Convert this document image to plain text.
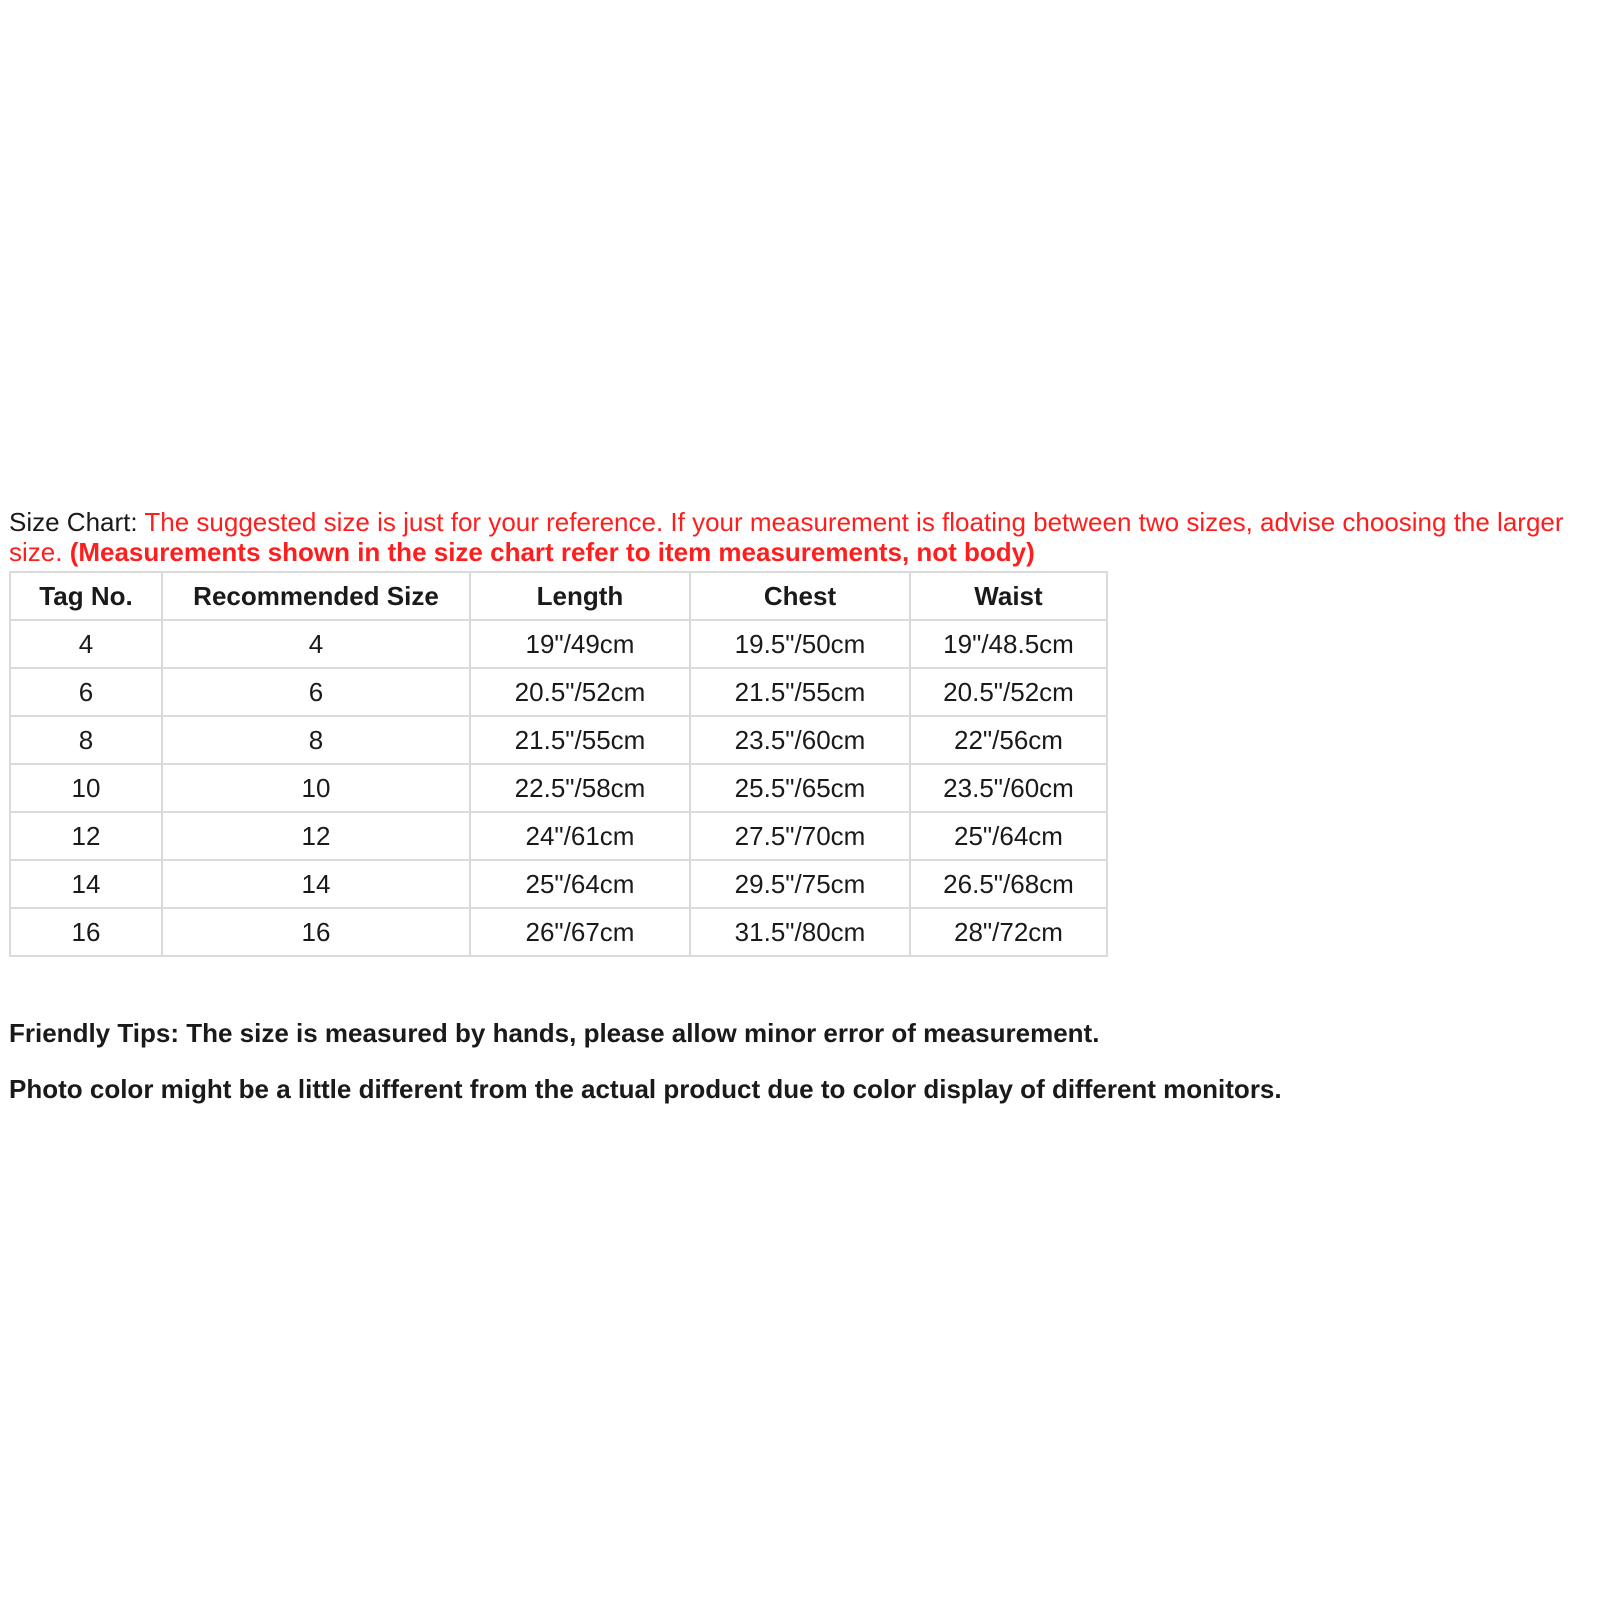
Size Chart: The suggested size is just for your reference. If your measurement is floating between two sizes, advise choosing the larger size. (Measurements shown in the size chart refer to item measurements, not body)

Tag No.	Recommended Size	Length	Chest	Waist
4	4	19"/49cm	19.5"/50cm	19"/48.5cm
6	6	20.5"/52cm	21.5"/55cm	20.5"/52cm
8	8	21.5"/55cm	23.5"/60cm	22"/56cm
10	10	22.5"/58cm	25.5"/65cm	23.5"/60cm
12	12	24"/61cm	27.5"/70cm	25"/64cm
14	14	25"/64cm	29.5"/75cm	26.5"/68cm
16	16	26"/67cm	31.5"/80cm	28"/72cm

Friendly Tips: The size is measured by hands, please allow minor error of measurement.

Photo color might be a little different from the actual product due to color display of different monitors.
